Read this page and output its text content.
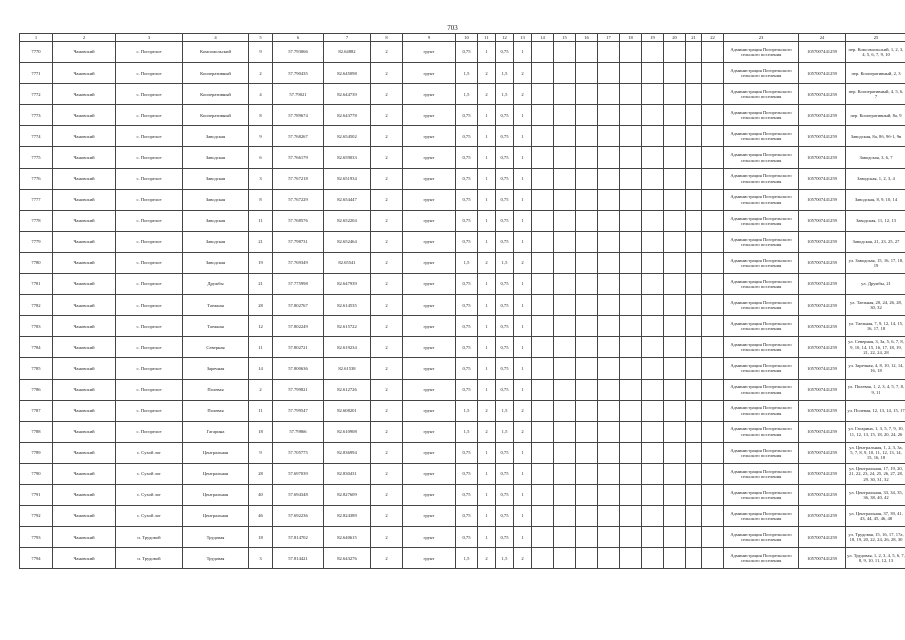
703
1	2	3	4	5	6	7	8	9	10	11	12	13	14	15	16	17	18	19	20	21	22	23	24	25
7770	Чановский	с. Погорелое	Комсомольский	9	57.793066	82.64882	2	грунт	0,75	1	0,75	1										Администрация Погорельского сельского поселения	1057007441259	пер. Комсомольский, 1, 2, 3, 4, 5, 6, 7, 9, 10
7771	Чановский	с. Погорелое	Кооперативный	2	57.790435	82.645098	2	грунт	1,5	2	1,5	2										Администрация Погорельского сельского поселения	1057007441259	пер. Кооперативный, 2, 3
7772	Чановский	с. Погорелое	Кооперативный	4	57.79021	82.644739	2	грунт	1,5	2	1,5	2										Администрация Погорельского сельского поселения	1057007441259	пер. Кооперативный, 4, 5, 6, 7
7773	Чановский	с. Погорелое	Кооперативный	8	57.789674	82.643778	2	грунт	0,75	1	0,75	1										Администрация Погорельского сельского поселения	1057007441259	пер. Кооперативный, 8а, 9
7774	Чановский	с. Погорелое	Заводская	9	57.768267	82.654502	2	грунт	0,75	1	0,75	1										Администрация Погорельского сельского поселения	1057007441259	Заводская, 8а, 8б, 9б-1, 9в
7775	Чановский	с. Погорелое	Заводская	6	57.766179	82.659033	2	грунт	0,75	1	0,75	1										Администрация Погорельского сельского поселения	1057007441259	Заводская, 3, 6, 7
7776	Чановский	с. Погорелое	Заводская	3	57.767218	82.651934	2	грунт	0,75	1	0,75	1										Администрация Погорельского сельского поселения	1057007441259	Заводская, 1, 2, 3, 4
7777	Чановский	с. Погорелое	Заводская	8	57.767229	82.654447	2	грунт	0,75	1	0,75	1										Администрация Погорельского сельского поселения	1057007441259	Заводская, 8, 9, 10, 14
7778	Чановский	с. Погорелое	Заводская	11	57.768576	82.652204	2	грунт	0,75	1	0,75	1										Администрация Погорельского сельского поселения	1057007441259	Заводская, 11, 12, 13
7779	Чановский	с. Погорелое	Заводская	21	57.798731	82.652464	2	грунт	0,75	1	0,75	1										Администрация Погорельского сельского поселения	1057007441259	Заводская, 21, 23, 25, 27
7780	Чановский	с. Погорелое	Заводская	19	57.769349	82.65541	2	грунт	1,5	2	1,5	2										Администрация Погорельского сельского поселения	1057007441259	ул. Заводская, 15, 16, 17, 18, 19
7781	Чановский	с. Погорелое	Дружбы	21	57.775998	82.647939	2	грунт	0,75	1	0,75	1										Администрация Погорельского сельского поселения	1057007441259	ул. Дружбы, 21
7782	Чановский	с. Погорелое	Таежная	28	57.802767	82.614535	2	грунт	0,75	1	0,75	1										Администрация Погорельского сельского поселения	1057007441259	ул. Таежная, 20, 24, 26, 28, 30, 32
7783	Чановский	с. Погорелое	Таежная	12	57.802249	82.615722	2	грунт	0,75	1	0,75	1										Администрация Погорельского сельского поселения	1057007441259	ул. Таежная, 7, 9, 12, 14, 15, 16, 17, 18
7784	Чановский	с. Погорелое	Северная	11	57.802721	82.619234	2	грунт	0,75	1	0,75	1										Администрация Погорельского сельского поселения	1057007441259	ул. Северная, 3, 3а, 5, 6, 7, 8, 9, 10, 14, 15, 16, 17, 18, 19, 21, 22, 24, 28
7785	Чановский	с. Погорелое	Заречная	14	57.800636	82.61538	2	грунт	0,75	1	0,75	1										Администрация Погорельского сельского поселения	1057007441259	ул. Заречная, 4, 8, 10, 12, 14, 16, 18
7786	Чановский	с. Погорелое	Полевая	2	57.799821	82.612726	2	грунт	0,75	1	0,75	1										Администрация Погорельского сельского поселения	1057007441259	ул. Полевая, 1, 2, 3, 4, 5, 7, 8, 9, 11
7787	Чановский	с. Погорелое	Полевая	11	57.799547	82.608201	2	грунт	1,5	2	1,5	2										Администрация Погорельского сельского поселения	1057007441259	ул. Полевая, 12, 13, 14, 15, 17
7788	Чановский	с. Погорелое	Гагарина	18	57.79866	82.610908	2	грунт	1,5	2	1,5	2										Администрация Погорельского сельского поселения	1057007441259	ул. Гагарина, 1, 3, 5, 7, 9, 10, 11, 12, 13, 15, 18, 20, 24, 26
7789	Чановский	с. Сухой лог	Центральная	9	57.705775	82.836994	2	грунт	0,75	1	0,75	1										Администрация Погорельского сельского поселения	1057007441259	ул. Центральная, 1, 2, 3, 3а, 5, 7, 8, 9, 10, 11, 12, 13, 14, 15, 16, 18
7790	Чановский	с. Сухой лог	Центральная	28	57.697039	82.830431	2	грунт	0,75	1	0,75	1										Администрация Погорельского сельского поселения	1057007441259	ул. Центральная, 17, 19, 20, 21, 22, 23, 24, 25, 26, 27, 28, 29, 30, 31, 32
7791	Чановский	с. Сухой лог	Центральная	40	57.694348	82.827609	2	грунт	0,75	1	0,75	1										Администрация Погорельского сельского поселения	1057007441259	ул. Центральная, 33, 34, 35, 36, 38, 40, 42
7792	Чановский	с. Сухой лог	Центральная	46	57.692236	82.824389	2	грунт	0,75	1	0,75	1										Администрация Погорельского сельского поселения	1057007441259	ул. Центральная, 37, 39, 41, 43, 44, 45, 46, 48
7793	Чановский	п. Трудовой	Трудовая	18	57.814702	82.640615	2	грунт	0,75	1	0,75	1										Администрация Погорельского сельского поселения	1057007441259	ул. Трудовая, 15, 16, 17, 17а, 18, 19, 20, 22, 24, 26, 28, 30
7794	Чановский	п. Трудовой	Трудовая	3	57.814421	82.643276	2	грунт	1,5	2	1,5	2										Администрация Погорельского сельского поселения	1057007441259	ул. Трудовая, 1, 2, 3, 4, 5, 6, 7, 8, 9, 10, 11, 12, 13
